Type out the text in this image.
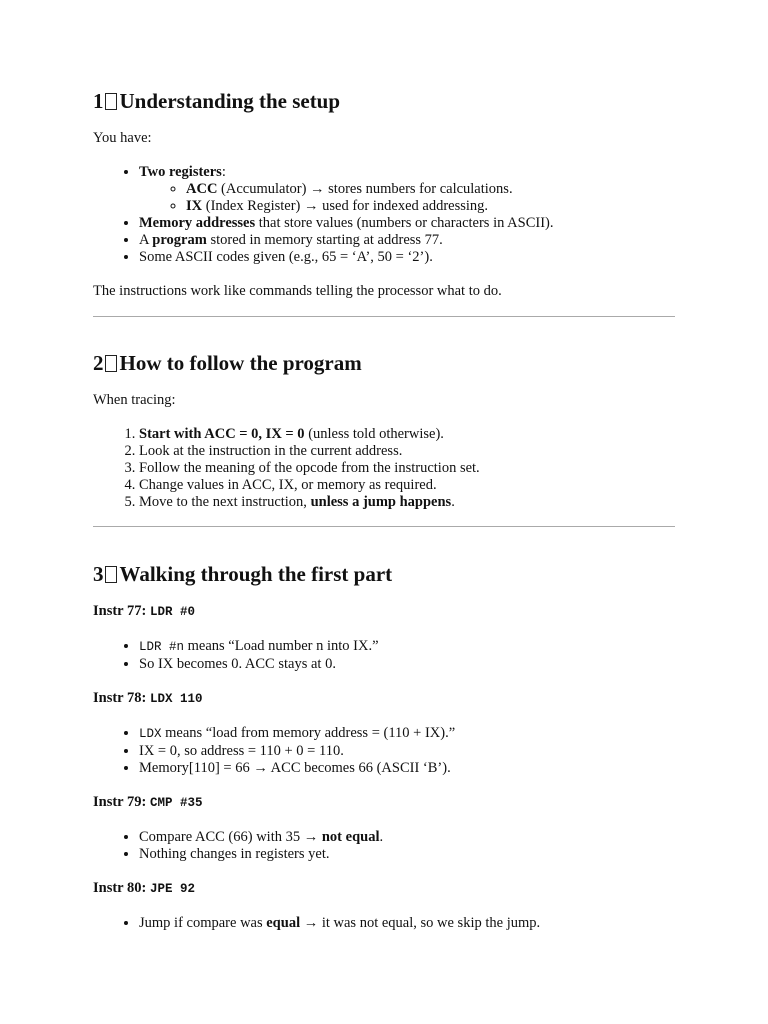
1 Understanding the setup

You have:

• Two registers:
◦ ACC (Accumulator) → stores numbers for calculations.
◦ IX (Index Register) → used for indexed addressing.
• Memory addresses that store values (numbers or characters in ASCII).
• A program stored in memory starting at address 77.
• Some ASCII codes given (e.g., 65 = ‘A’, 50 = ‘2’).

The instructions work like commands telling the processor what to do.

2 How to follow the program

When tracing:

1. Start with ACC = 0, IX = 0 (unless told otherwise).
2. Look at the instruction in the current address.
3. Follow the meaning of the opcode from the instruction set.
4. Change values in ACC, IX, or memory as required.
5. Move to the next instruction, unless a jump happens.
3 Walking through the first part

Instr 77: LDR #0

• LDR #n means “Load number n into IX.”
• So IX becomes 0. ACC stays at 0.

Instr 78: LDX 110

• LDX means “load from memory address = (110 + IX).”
• IX = 0, so address = 110 + 0 = 110.
• Memory[110] = 66 → ACC becomes 66 (ASCII ‘B’).

Instr 79: CMP #35

• Compare ACC (66) with 35 → not equal.
• Nothing changes in registers yet.

Instr 80: JPE 92

• Jump if compare was equal → it was not equal, so we skip the jump.
